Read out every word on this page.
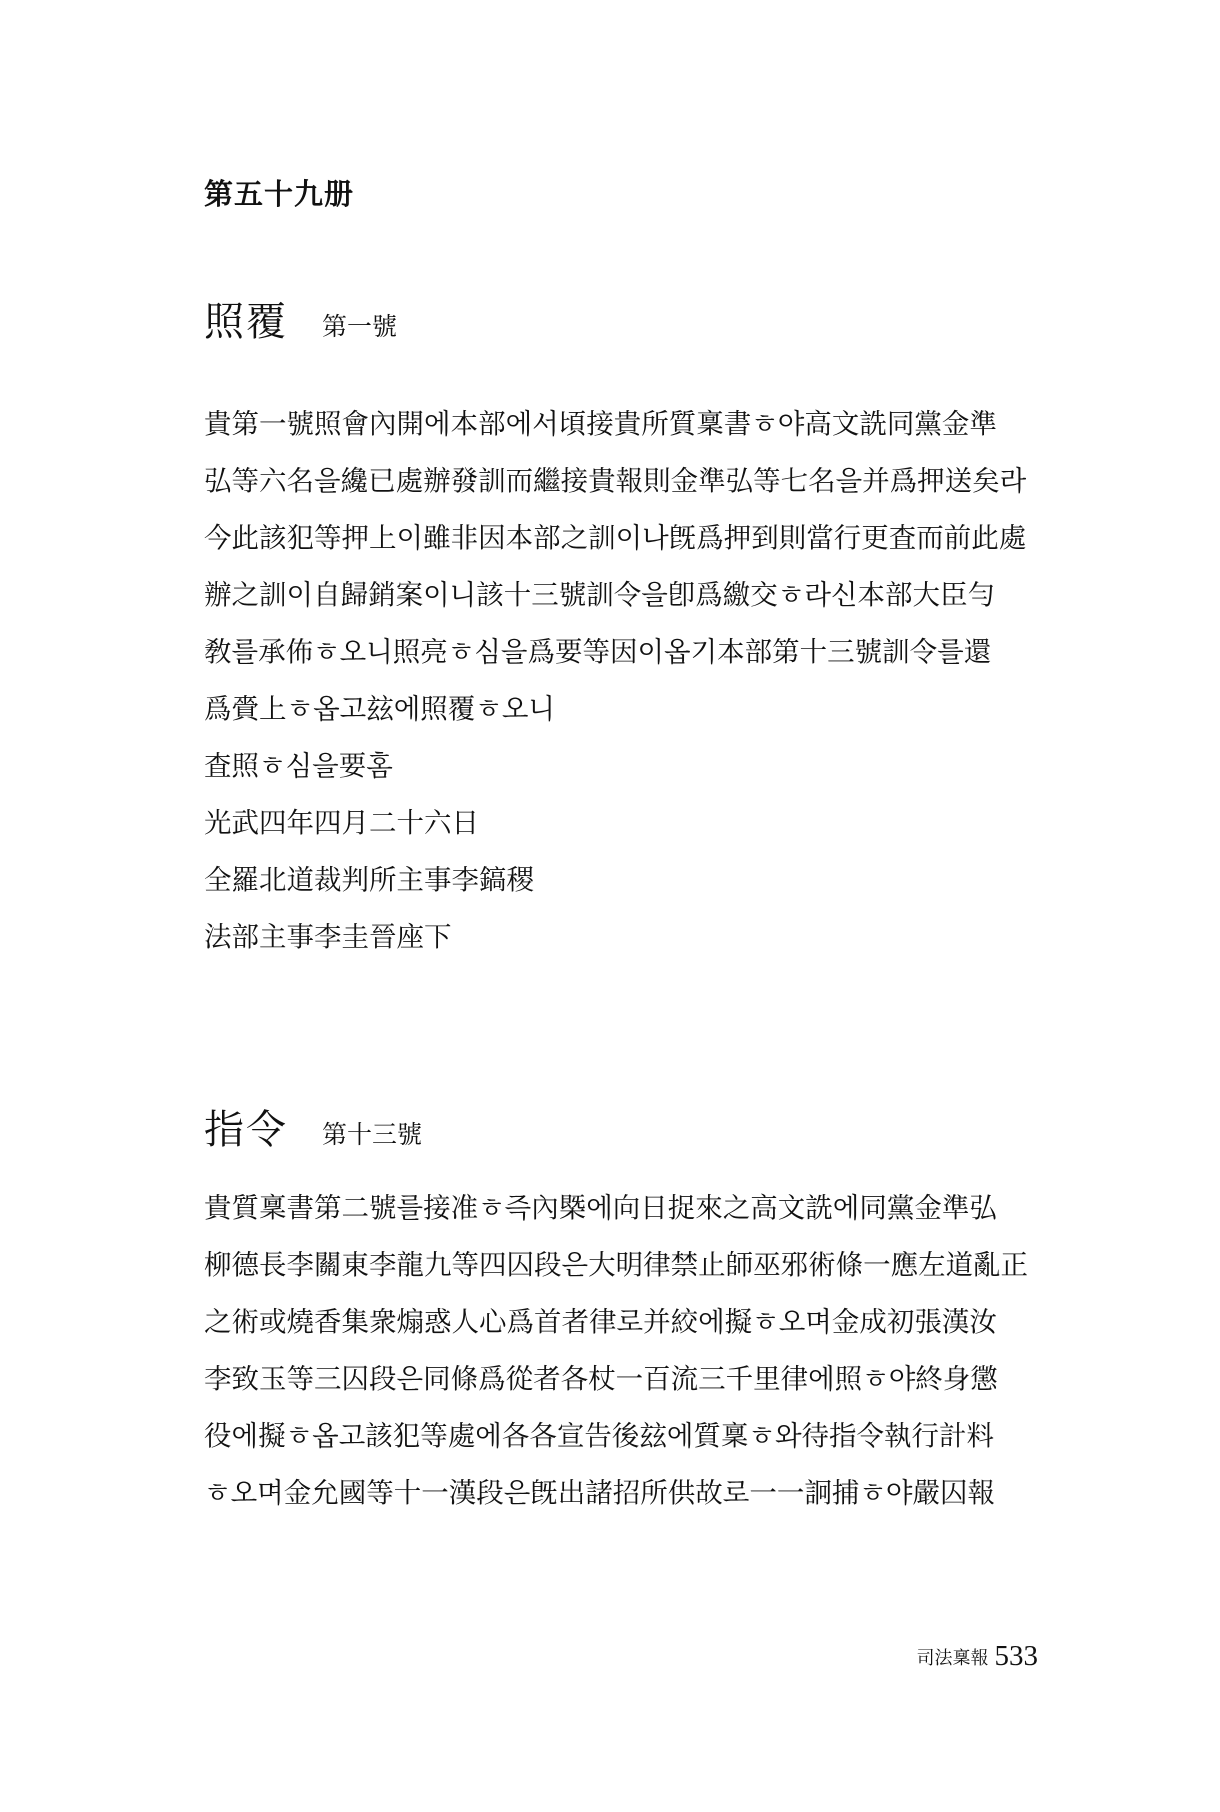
第五十九册
照覆 第一號
貴第一號照會內開에本部에서頃接貴所質稟書ㅎ야高文詵同黨金準
弘等六名을纔已處辦發訓而繼接貴報則金準弘等七名을并爲押送矣라
今此該犯等押上이雖非因本部之訓이나旣爲押到則當行更査而前此處
辦之訓이自歸銷案이니該十三號訓令을卽爲繳交ㅎ라신本部大臣勻
敎를承佈ㅎ오니照亮ㅎ심을爲要等因이옵기本部第十三號訓令를還
爲賫上ㅎ옵고玆에照覆ㅎ오니
査照ㅎ심을要홈
光武四年四月二十六日
全羅北道裁判所主事李鎬稷
法部主事李圭晉座下
指令 第十三號
貴質稟書第二號를接准ㅎ즉內槩에向日捉來之高文詵에同黨金準弘
柳德長李關東李龍九等四囚段은大明律禁止師巫邪術條一應左道亂正
之術或燒香集衆煽惑人心爲首者律로并絞에擬ㅎ오며金成初張漢汝
李致玉等三囚段은同條爲從者各杖一百流三千里律에照ㅎ야終身懲
役에擬ㅎ옵고該犯等處에各各宣告後玆에質稟ㅎ와待指令執行計料
ㅎ오며金允國等十一漢段은旣出諸招所供故로一一詗捕ㅎ야嚴囚報
司法稟報 533
